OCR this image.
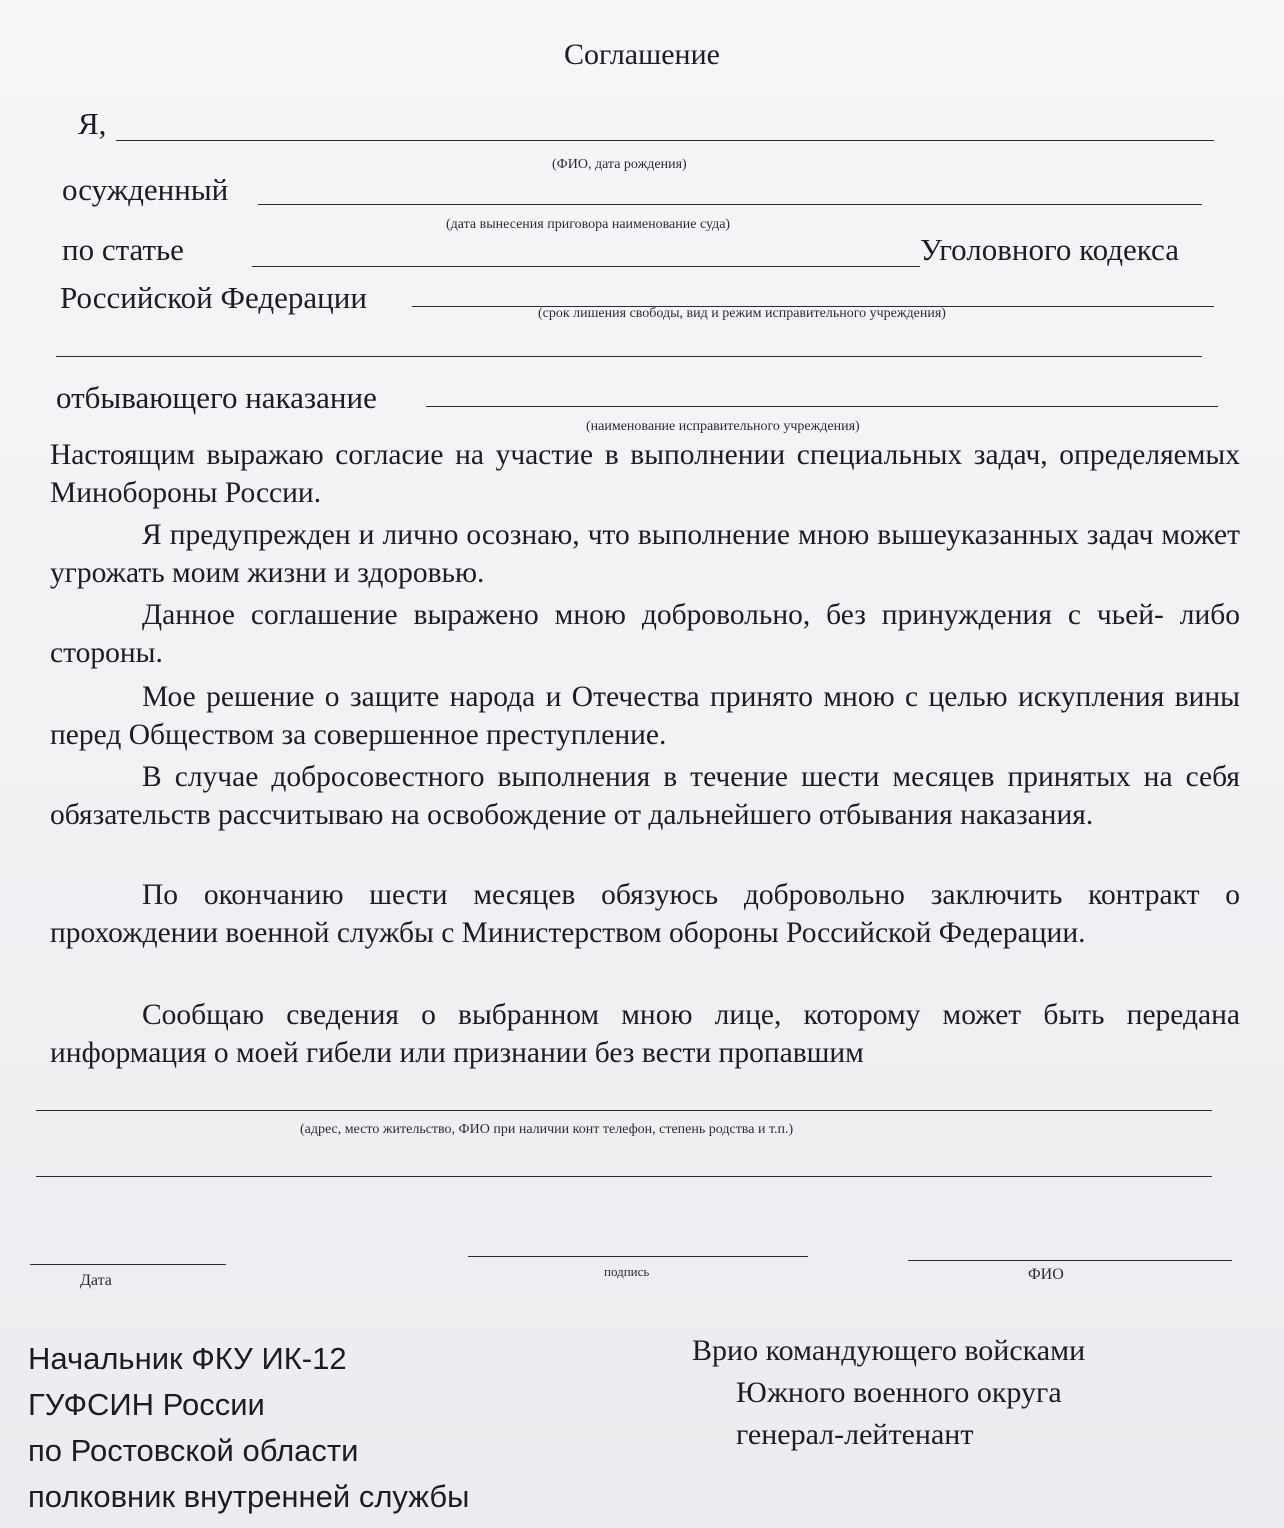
Соглашение
Я,
(ФИО, дата рождения)
осужденный
(дата вынесения приговора наименование суда)
по статье	Уголовного кодекса
Российской Федерации	(срок лишения свободы, вид и режим исправительного учреждения)
отбывающего наказание
(наименование исправительного учреждения)

Настоящим выражаю согласие на участие в выполнении специальных задач, определяемых Минобороны России.

Я предупрежден и лично осознаю, что выполнение мною вышеуказанных задач может угрожать моим жизни и здоровью.

Данное соглашение выражено мною добровольно, без принуждения с чьей- либо стороны.

Мое решение о защите народа и Отечества принято мною с целью искупления вины перед Обществом за совершенное преступление.

В случае добросовестного выполнения в течение шести месяцев принятых на себя обязательств рассчитываю на освобождение от дальнейшего отбывания наказания.

По окончанию шести месяцев обязуюсь добровольно заключить контракт о прохождении военной службы с Министерством обороны Российской Федерации.

Сообщаю сведения о выбранном мною лице, которому может быть передана информация о моей гибели или признании без вести пропавшим

(адрес, место жительство, ФИО при наличии конт телефон, степень родства и т.п.)
Дата
подпись	ФИО
Начальник ФКУ ИК-12
ГУФСИН России
по Ростовской области
полковник внутренней службы
Врио командующего войсками
Южного военного округа
генерал-лейтенант
